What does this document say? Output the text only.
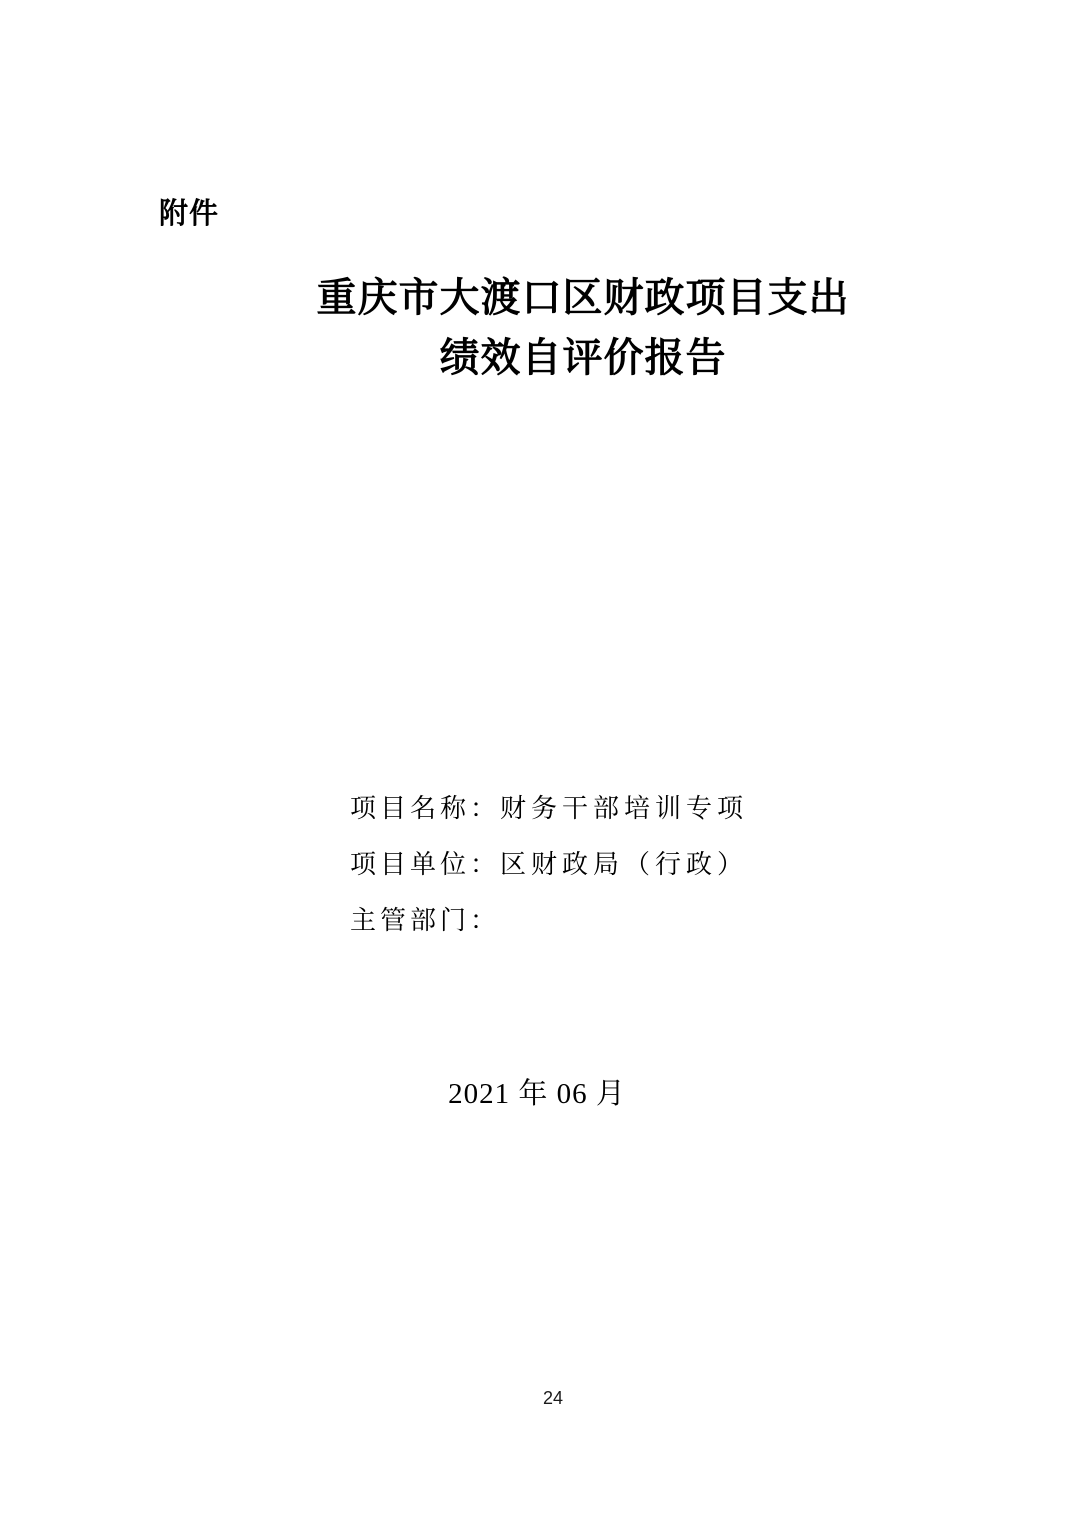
附件
重庆市大渡口区财政项目支出
绩效自评价报告
项目名称：财务干部培训专项
项目单位：区财政局（行政）
主管部门：
2021 年 06 月
24
